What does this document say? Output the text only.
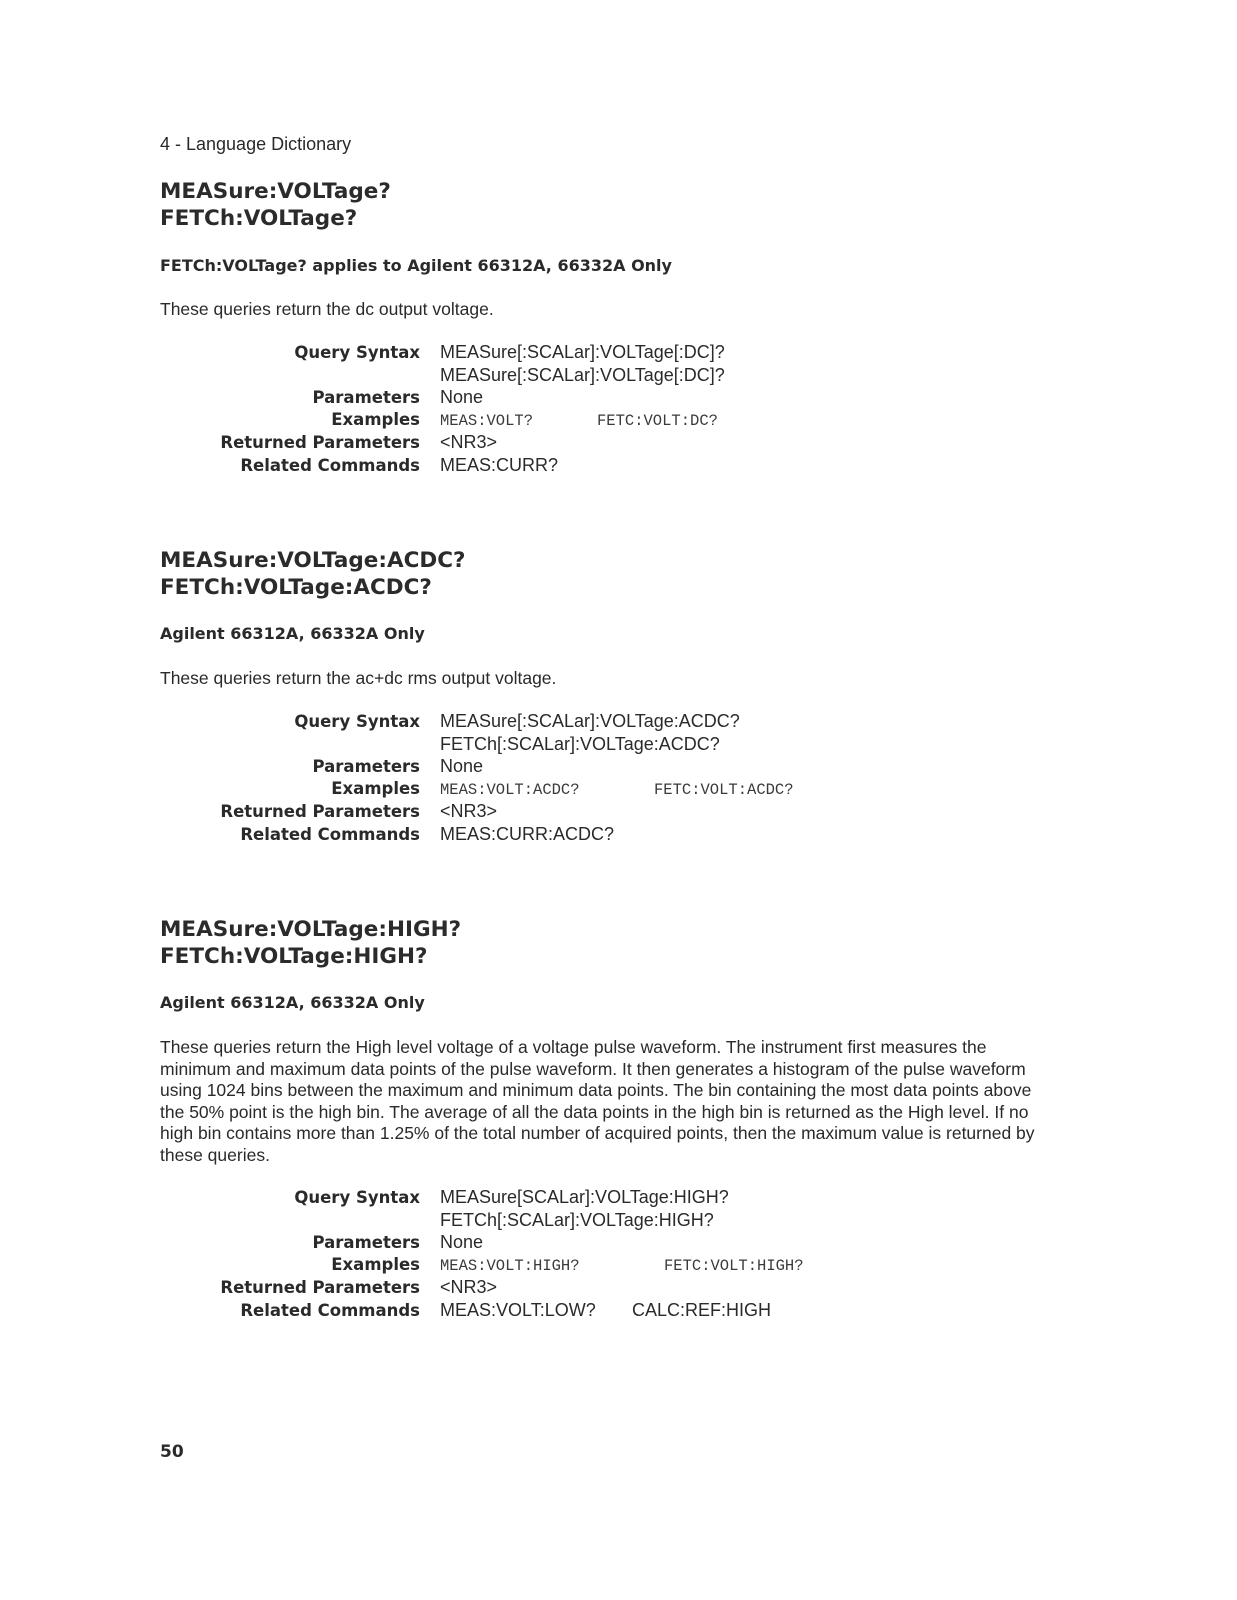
4 - Language Dictionary
MEASure:VOLTage?
FETCh:VOLTage?

FETCh:VOLTage? applies to Agilent 66312A, 66332A Only

These queries return the dc output voltage.

Query Syntax	MEASure[:SCALar]:VOLTage[:DC]?
MEASure[:SCALar]:VOLTage[:DC]?
Parameters	None
Examples MEAS:VOLT?	FETC:VOLT:DC?
Returned Parameters	<NR3>
Related Commands MEAS:CURR?
MEASure:VOLTage:ACDC?
FETCh:VOLTage:ACDC?

Agilent 66312A, 66332A Only

These queries return the ac+dc rms output voltage.

Query Syntax	MEASure[:SCALar]:VOLTage:ACDC?
FETCh[:SCALar]:VOLTage:ACDC?
Parameters	None
Examples MEAS:VOLT:ACDC?	FETC:VOLT:ACDC?
Returned Parameters	<NR3>
Related Commands MEAS:CURR:ACDC?
MEASure:VOLTage:HIGH?
FETCh:VOLTage:HIGH?

Agilent 66312A, 66332A Only

These queries return the High level voltage of a voltage pulse waveform. The instrument first measures the minimum and maximum data points of the pulse waveform. It then generates a histogram of the pulse waveform using 1024 bins between the maximum and minimum data points. The bin containing the most data points above the 50% point is the high bin. The average of all the data points in the high bin is returned as the High level. If no high bin contains more than 1.25% of the total number of acquired points, then the maximum value is returned by these queries.

Query Syntax	MEASure[SCALar]:VOLTage:HIGH?
FETCh[:SCALar]:VOLTage:HIGH?
Parameters	None
Examples MEAS:VOLT:HIGH?	FETC:VOLT:HIGH?
Returned Parameters	<NR3>
Related Commands MEAS:VOLT:LOW?	CALC:REF:HIGH
50
